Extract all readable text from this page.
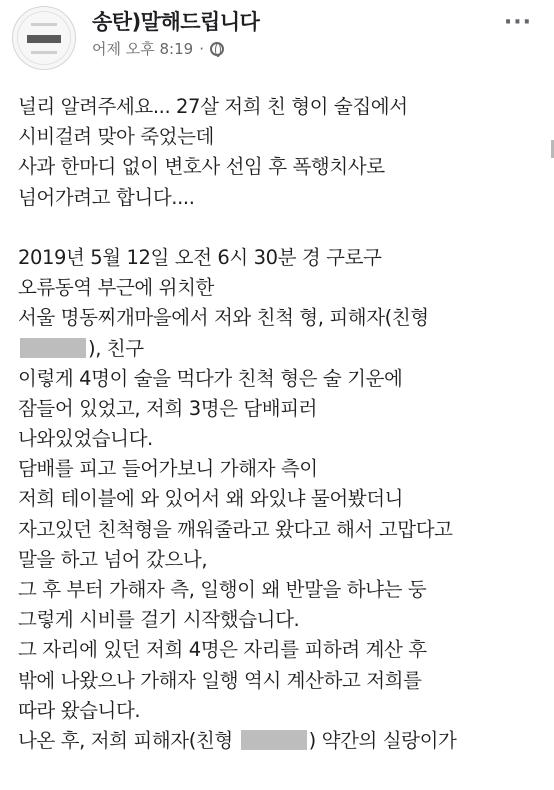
송탄)말해드립니다
어제 오후 8:19 ·
···
널리 알려주세요... 27살 저희 친 형이 술집에서
시비걸려 맞아 죽었는데
사과 한마디 없이 변호사 선임 후 폭행치사로
넘어가려고 합니다....
2019년 5월 12일 오전 6시 30분 경 구로구
오류동역 부근에 위치한
서울 명동찌개마을에서 저와 친척 형, 피해자(친형
), 친구
이렇게 4명이 술을 먹다가 친척 형은 술 기운에
잠들어 있었고, 저희 3명은 담배피러
나와있었습니다.
담배를 피고 들어가보니 가해자 측이
저희 테이블에 와 있어서 왜 와있냐 물어봤더니
자고있던 친척형을 깨워줄라고 왔다고 해서 고맙다고
말을 하고 넘어 갔으나,
그 후 부터 가해자 측, 일행이 왜 반말을 하냐는 둥
그렇게 시비를 걸기 시작했습니다.
그 자리에 있던 저희 4명은 자리를 피하려 계산 후
밖에 나왔으나 가해자 일행 역시 계산하고 저희를
따라 왔습니다.
나온 후, 저희 피해자(친형	) 약간의 실랑이가
